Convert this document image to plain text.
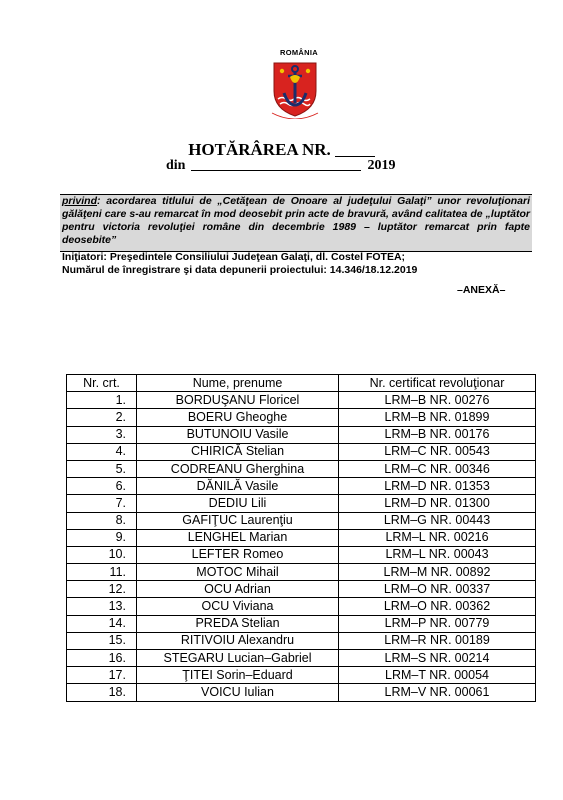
ROMÂNIA
HOTĂRÂREA NR.
din	2019
privind: acordarea titlului de „Cetăţean de Onoare al judeţului Galaţi” unor revoluţionari gălăţeni care s-au remarcat în mod deosebit prin acte de bravură, având calitatea de „luptător pentru victoria revoluţiei române din decembrie 1989 – luptător remarcat prin fapte deosebite”
Iniţiatori: Preşedintele Consiliului Judeţean Galaţi, dl. Costel FOTEA;
Numărul de înregistrare şi data depunerii proiectului: 14.346/18.12.2019
–ANEXĂ–
Nr. crt.	Nume, prenume	Nr. certificat revoluţionar
1.	BORDUŞANU Floricel	LRM–B NR. 00276
2.	BOERU Gheoghe	LRM–B NR. 01899
3.	BUTUNOIU Vasile	LRM–B NR. 00176
4.	CHIRICĂ Stelian	LRM–C NR. 00543
5.	CODREANU Gherghina	LRM–C NR. 00346
6.	DĂNILĂ Vasile	LRM–D NR. 01353
7.	DEDIU Lili	LRM–D NR. 01300
8.	GAFIŢUC Laurenţiu	LRM–G NR. 00443
9.	LENGHEL Marian	LRM–L NR. 00216
10.	LEFTER Romeo	LRM–L NR. 00043
11.	MOTOC Mihail	LRM–M NR. 00892
12.	OCU Adrian	LRM–O NR. 00337
13.	OCU Viviana	LRM–O NR. 00362
14.	PREDA Stelian	LRM–P NR. 00779
15.	RITIVOIU Alexandru	LRM–R NR. 00189
16.	STEGARU Lucian–Gabriel	LRM–S NR. 00214
17.	ŢITEI Sorin–Eduard	LRM–T NR. 00054
18.	VOICU Iulian	LRM–V NR. 00061
